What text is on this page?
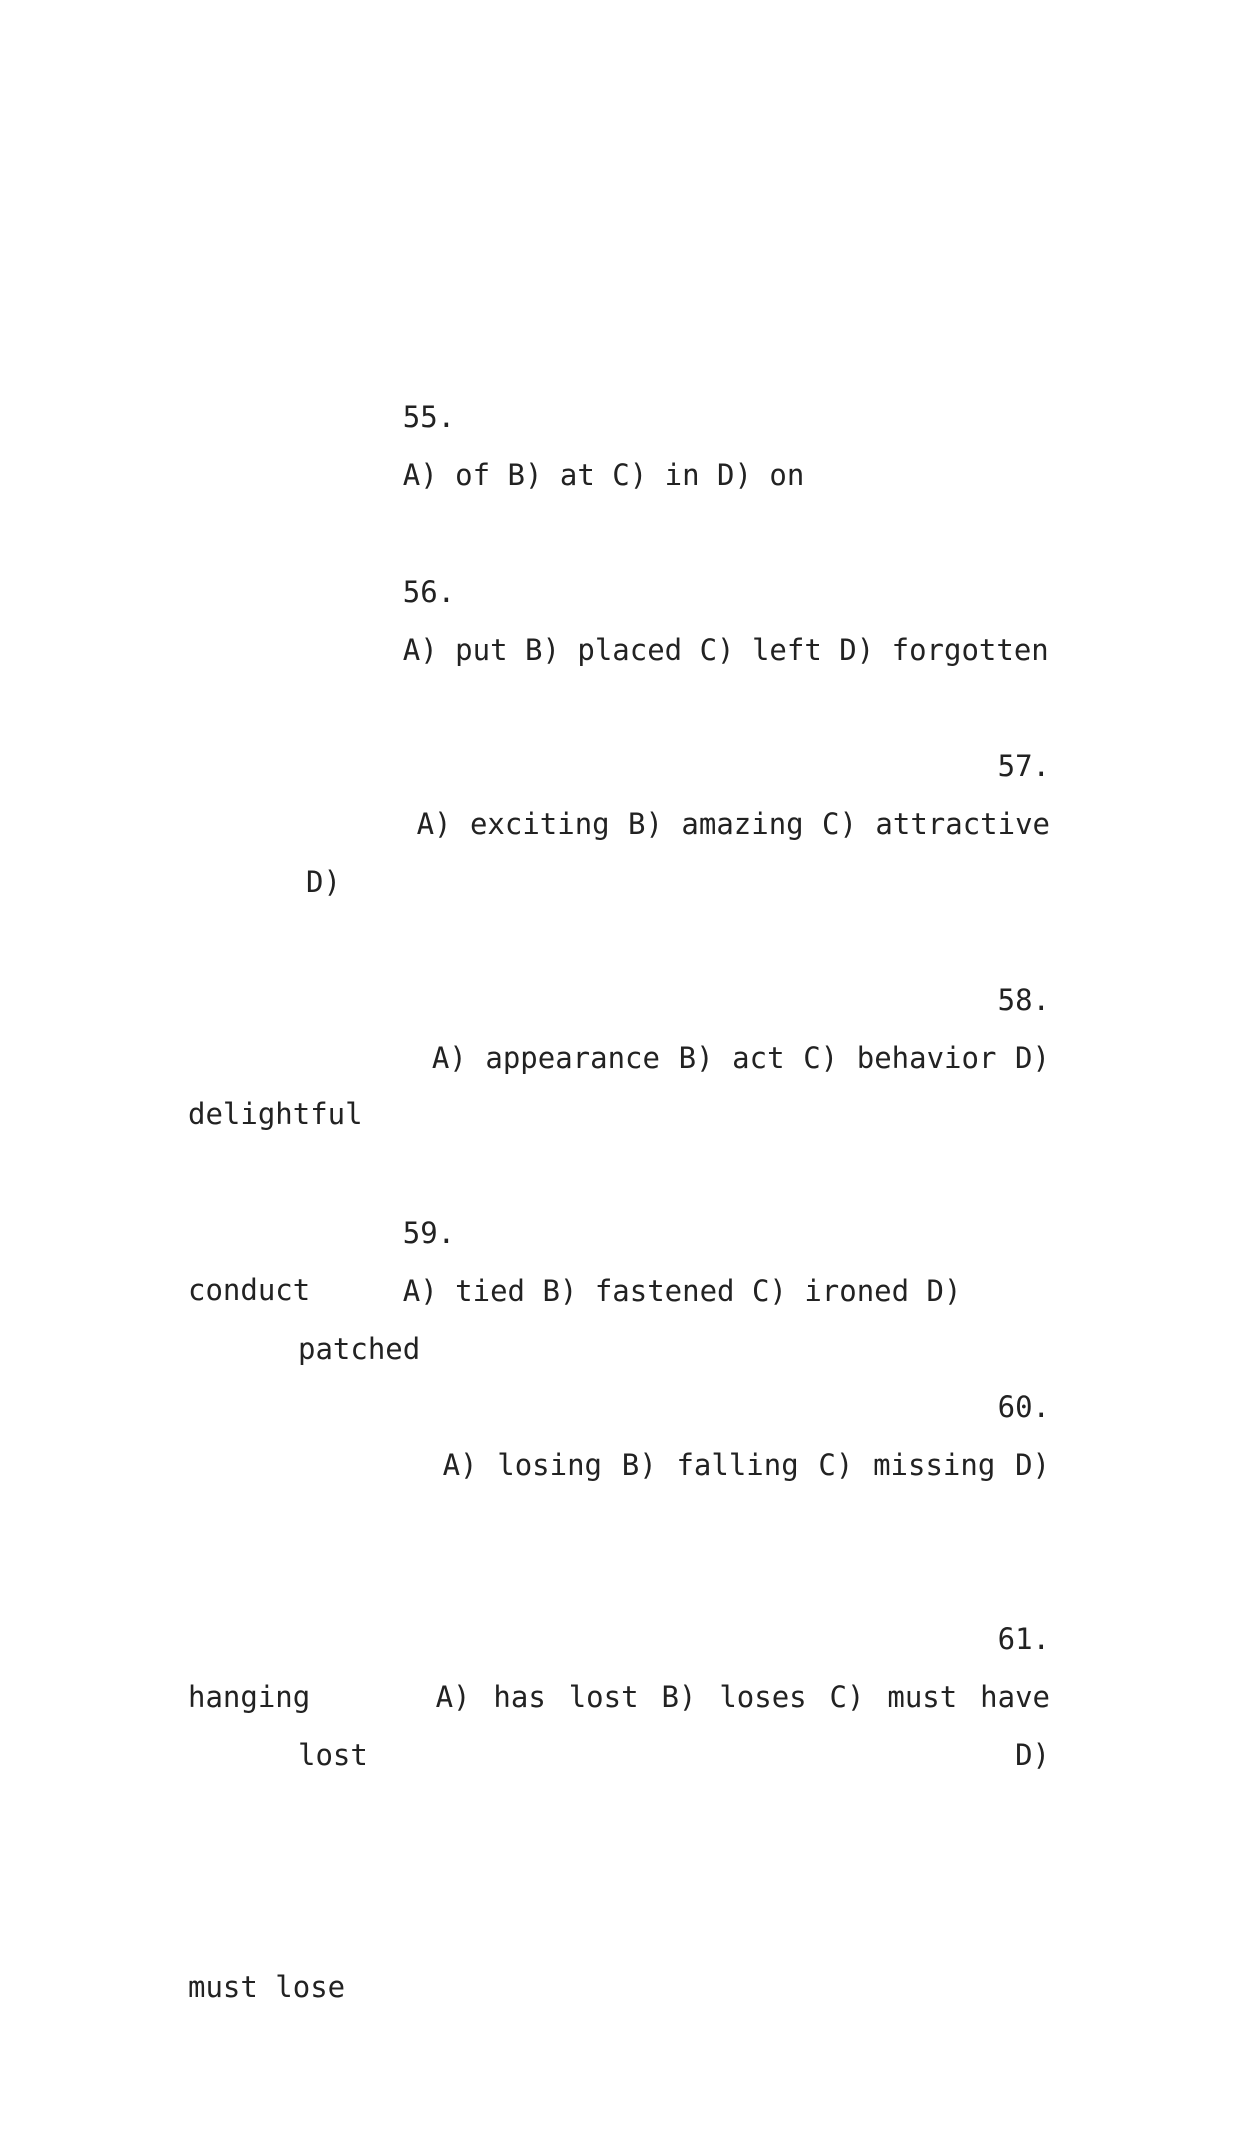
55.
A) of B) at C) in D) on

56.
A) put B) placed C) left D) forgotten

57.
A) exciting B) amazing C) attractive D)

delightful

58.
A) appearance B) act C) behavior D)

conduct

59.
A) tied B) fastened C) ironed D) patched

60.
A) losing B) falling C) missing D)

hanging

61.
A) has lost B) loses C) must have lost D)

must lose
